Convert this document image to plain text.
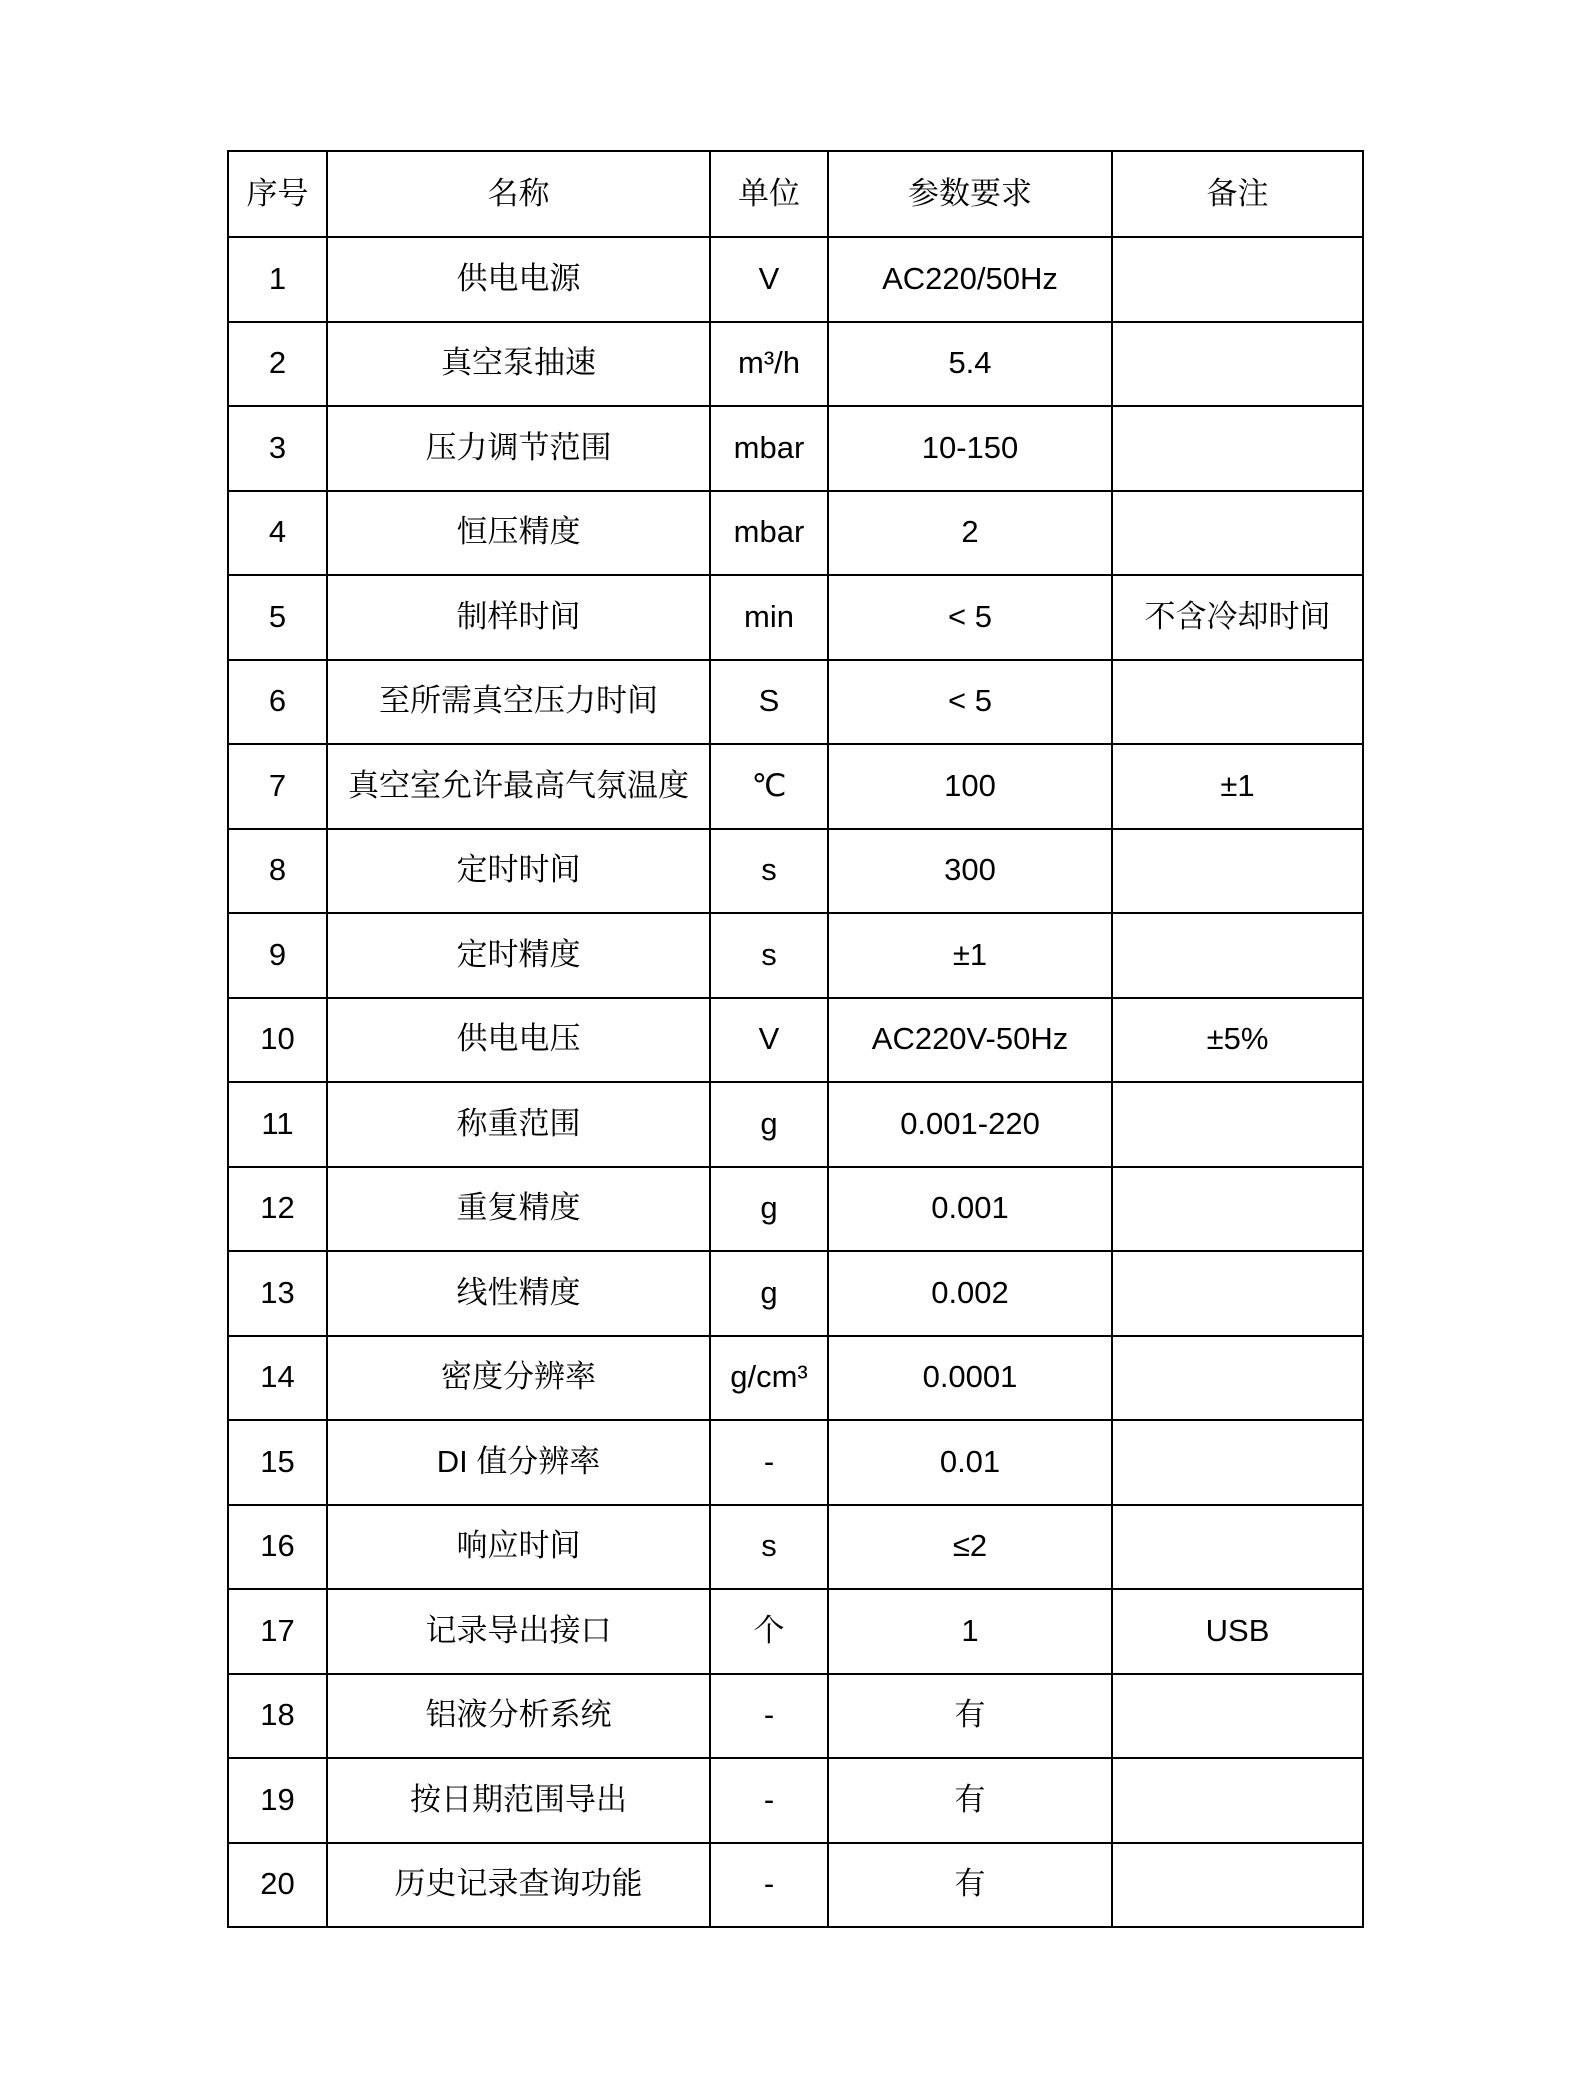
序号	名称	单位	参数要求	备注
1	供电电源	V	AC220/50Hz	
2	真空泵抽速	m³/h	5.4	
3	压力调节范围	mbar	10-150	
4	恒压精度	mbar	2	
5	制样时间	min	< 5	不含冷却时间
6	至所需真空压力时间	S	< 5	
7	真空室允许最高气氛温度	℃	100	±1
8	定时时间	s	300	
9	定时精度	s	±1	
10	供电电压	V	AC220V-50Hz	±5%
11	称重范围	g	0.001-220	
12	重复精度	g	0.001	
13	线性精度	g	0.002	
14	密度分辨率	g/cm³	0.0001	
15	DI 值分辨率	-	0.01	
16	响应时间	s	≤2	
17	记录导出接口	个	1	USB
18	铝液分析系统	-	有	
19	按日期范围导出	-	有	
20	历史记录查询功能	-	有	
